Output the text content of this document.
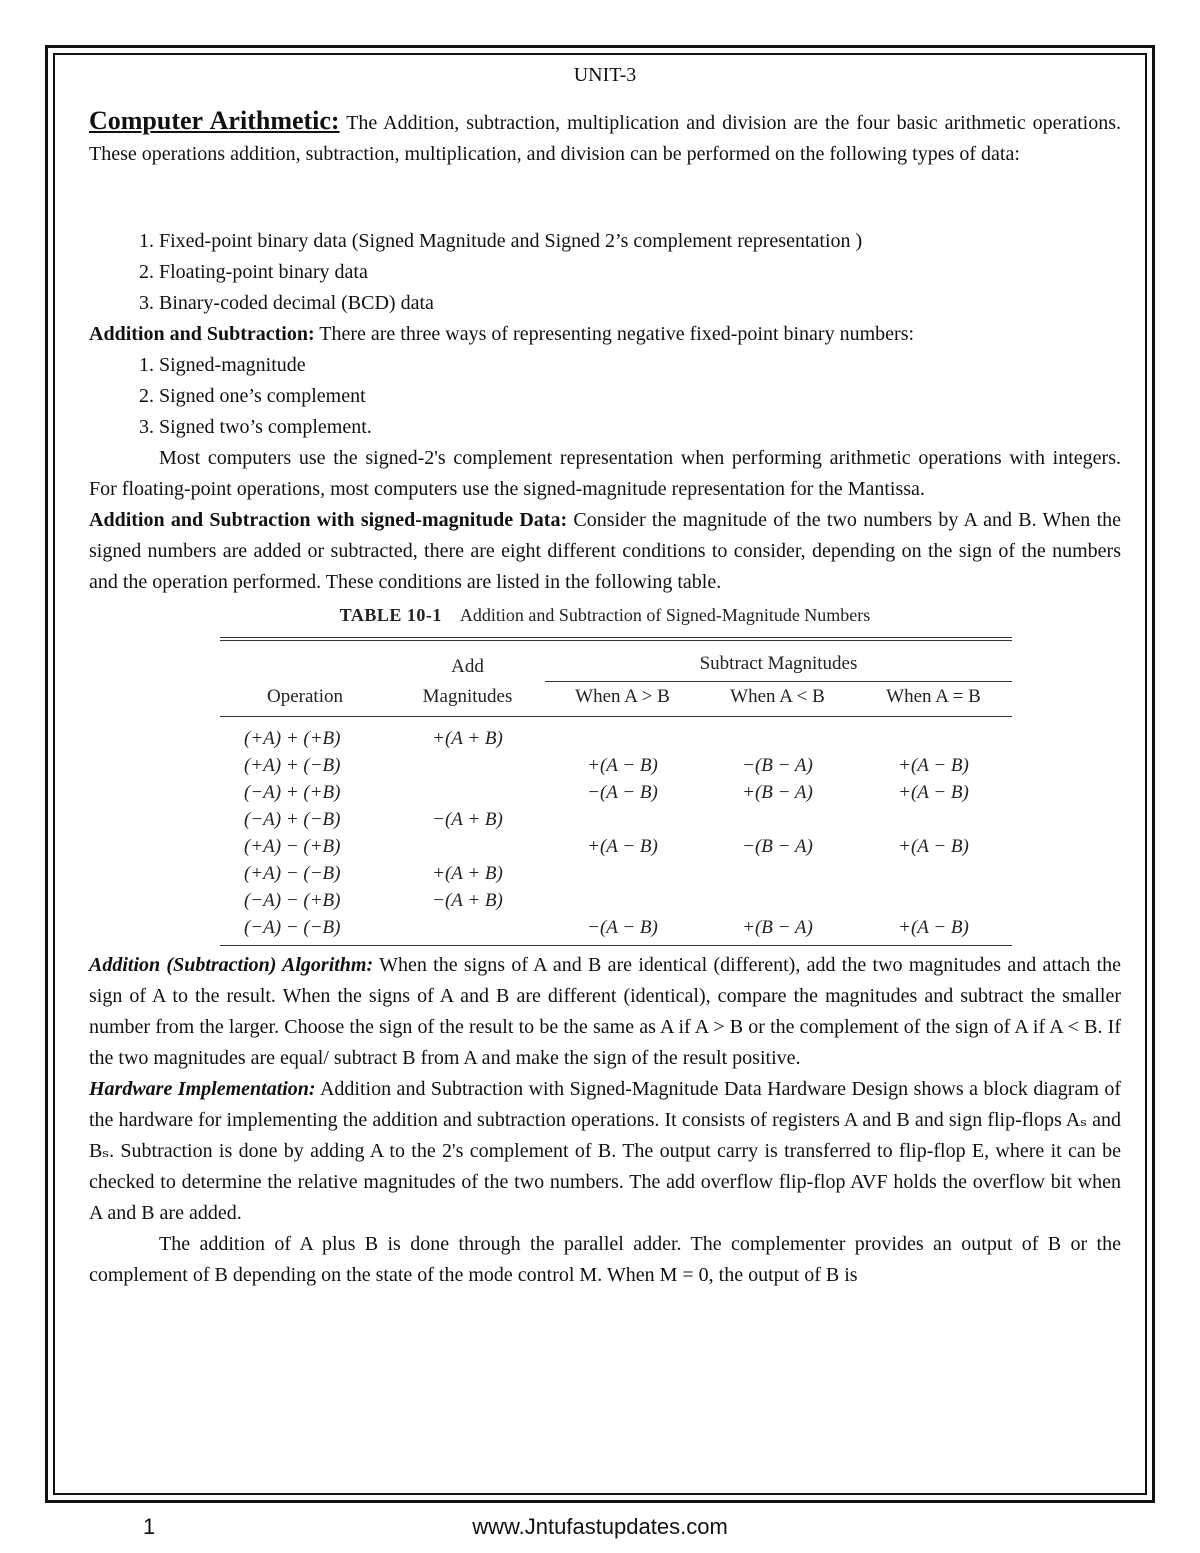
UNIT-3

Computer Arithmetic: The Addition, subtraction, multiplication and division are the four basic arithmetic operations. These operations addition, subtraction, multiplication, and division can be performed on the following types of data:

1. Fixed-point binary data (Signed Magnitude and Signed 2’s complement representation )
2. Floating-point binary data
3. Binary-coded decimal (BCD) data

Addition and Subtraction: There are three ways of representing negative fixed-point binary numbers:

1. Signed-magnitude
2. Signed one’s complement
3. Signed two’s complement.

Most computers use the signed-2's complement representation when performing arithmetic operations with integers. For floating-point operations, most computers use the signed-magnitude representation for the Mantissa.

Addition and Subtraction with signed-magnitude Data: Consider the magnitude of the two numbers by A and B. When the signed numbers are added or subtracted, there are eight different conditions to consider, depending on the sign of the numbers and the operation performed. These conditions are listed in the following table.

TABLE 10-1 Addition and Subtraction of Signed-Magnitude Numbers

Operation	Add	Subtract Magnitudes		
	Magnitudes	When A > B	When A < B	When A = B
(+A) + (+B)	+(A + B)			
(+A) + (−B)		+(A − B)	−(B − A)	+(A − B)
(−A) + (+B)		−(A − B)	+(B − A)	+(A − B)
(−A) + (−B)	−(A + B)			
(+A) − (+B)		+(A − B)	−(B − A)	+(A − B)
(+A) − (−B)	+(A + B)			
(−A) − (+B)	−(A + B)			
(−A) − (−B)		−(A − B)	+(B − A)	+(A − B)

Addition (Subtraction) Algorithm: When the signs of A and B are identical (different), add the two magnitudes and attach the sign of A to the result. When the signs of A and B are different (identical), compare the magnitudes and subtract the smaller number from the larger. Choose the sign of the result to be the same as A if A > B or the complement of the sign of A if A < B. If the two magnitudes are equal/ subtract B from A and make the sign of the result positive.

Hardware Implementation: Addition and Subtraction with Signed-Magnitude Data Hardware Design shows a block diagram of the hardware for implementing the addition and subtraction operations. It consists of registers A and B and sign flip-flops Aₛ and Bₛ. Subtraction is done by adding A to the 2's complement of B. The output carry is transferred to flip-flop E, where it can be checked to determine the relative magnitudes of the two numbers. The add overflow flip-flop AVF holds the overflow bit when A and B are added.

The addition of A plus B is done through the parallel adder. The complementer provides an output of B or the complement of B depending on the state of the mode control M. When M = 0, the output of B is

www.Jntufastupdates.com
1
